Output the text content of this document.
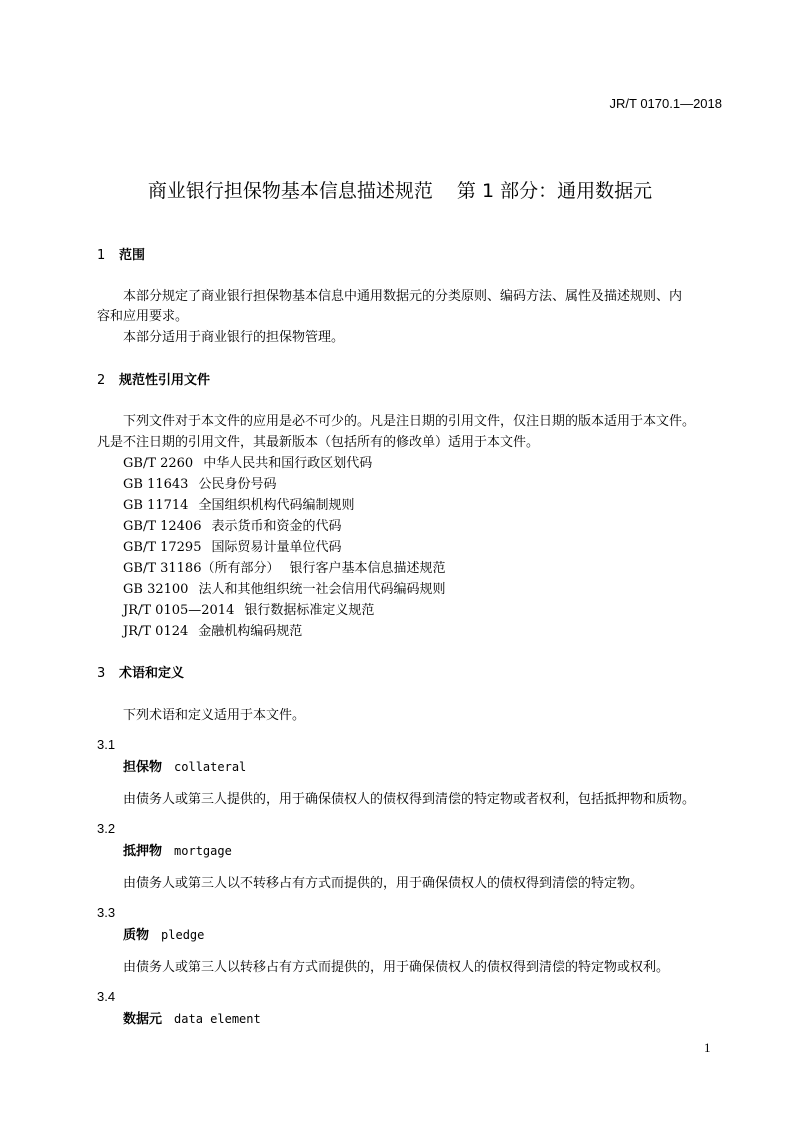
JR/T 0170.1—2018
商业银行担保物基本信息描述规范 第 1 部分：通用数据元
1 范围
本部分规定了商业银行担保物基本信息中通用数据元的分类原则、编码方法、属性及描述规则、内
容和应用要求。
本部分适用于商业银行的担保物管理。
2 规范性引用文件
下列文件对于本文件的应用是必不可少的。凡是注日期的引用文件，仅注日期的版本适用于本文件。
凡是不注日期的引用文件，其最新版本（包括所有的修改单）适用于本文件。
GB/T 2260 中华人民共和国行政区划代码
GB 11643 公民身份号码
GB 11714 全国组织机构代码编制规则
GB/T 12406 表示货币和资金的代码
GB/T 17295 国际贸易计量单位代码
GB/T 31186（所有部分） 银行客户基本信息描述规范
GB 32100 法人和其他组织统一社会信用代码编码规则
JR/T 0105—2014 银行数据标准定义规范
JR/T 0124 金融机构编码规范
3 术语和定义
下列术语和定义适用于本文件。
3.1
担保物 collateral
由债务人或第三人提供的，用于确保债权人的债权得到清偿的特定物或者权利，包括抵押物和质物。
3.2
抵押物 mortgage
由债务人或第三人以不转移占有方式而提供的，用于确保债权人的债权得到清偿的特定物。
3.3
质物 pledge
由债务人或第三人以转移占有方式而提供的，用于确保债权人的债权得到清偿的特定物或权利。
3.4
数据元 data element
1
